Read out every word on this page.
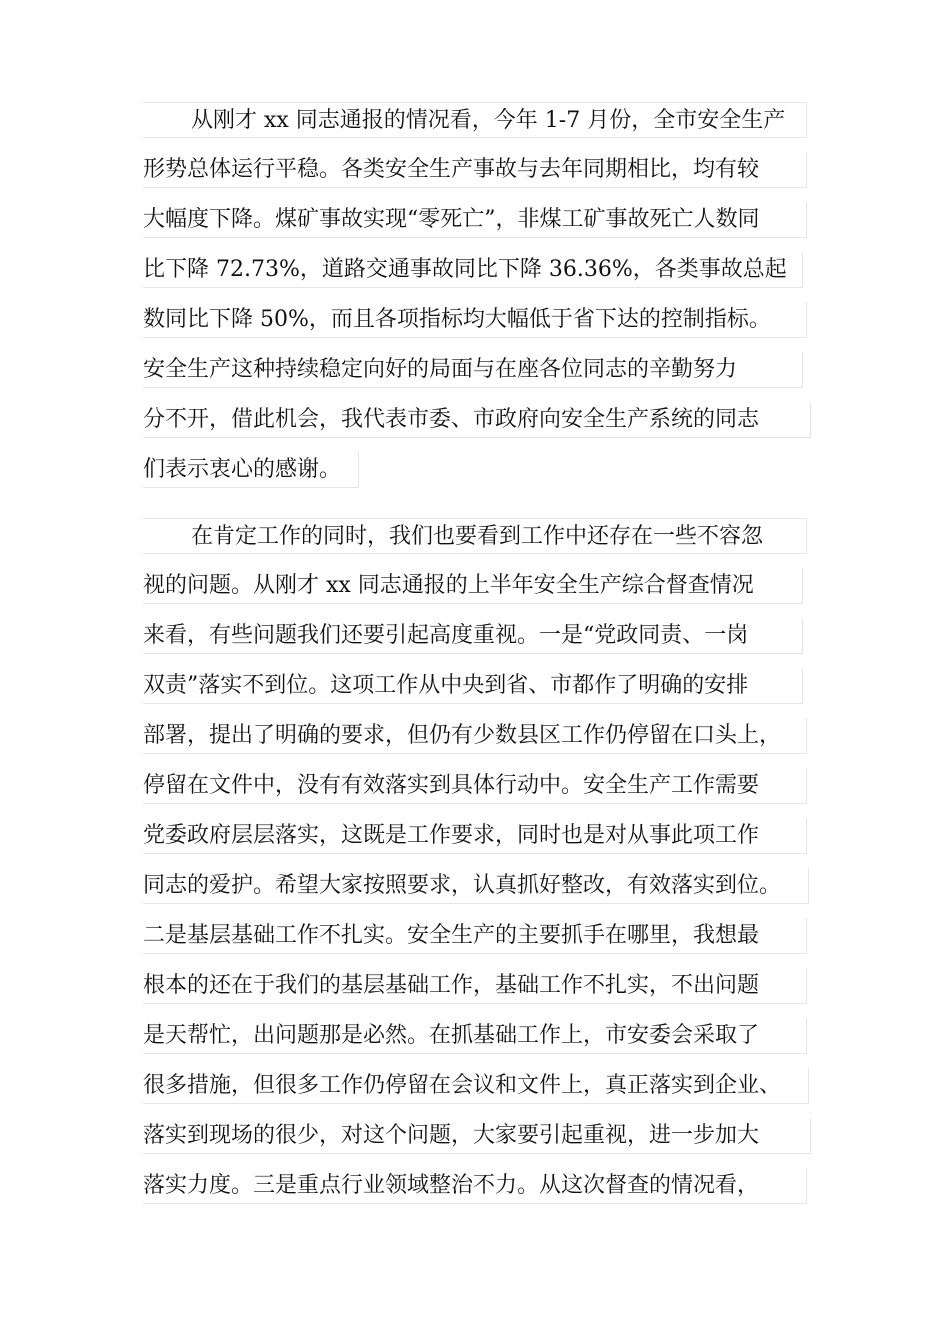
从刚才 xx 同志通报的情况看，今年 1-7 月份，全市安全生产
形势总体运行平稳。各类安全生产事故与去年同期相比，均有较
大幅度下降。煤矿事故实现“零死亡”，非煤工矿事故死亡人数同
比下降 72.73%，道路交通事故同比下降 36.36%，各类事故总起
数同比下降 50%，而且各项指标均大幅低于省下达的控制指标。
安全生产这种持续稳定向好的局面与在座各位同志的辛勤努力
分不开，借此机会，我代表市委、市政府向安全生产系统的同志
们表示衷心的感谢。
在肯定工作的同时，我们也要看到工作中还存在一些不容忽
视的问题。从刚才 xx 同志通报的上半年安全生产综合督查情况
来看，有些问题我们还要引起高度重视。一是“党政同责、一岗
双责”落实不到位。这项工作从中央到省、市都作了明确的安排
部署，提出了明确的要求，但仍有少数县区工作仍停留在口头上，
停留在文件中，没有有效落实到具体行动中。安全生产工作需要
党委政府层层落实，这既是工作要求，同时也是对从事此项工作
同志的爱护。希望大家按照要求，认真抓好整改，有效落实到位。
二是基层基础工作不扎实。安全生产的主要抓手在哪里，我想最
根本的还在于我们的基层基础工作，基础工作不扎实，不出问题
是天帮忙，出问题那是必然。在抓基础工作上，市安委会采取了
很多措施，但很多工作仍停留在会议和文件上，真正落实到企业、
落实到现场的很少，对这个问题，大家要引起重视，进一步加大
落实力度。三是重点行业领域整治不力。从这次督查的情况看，
